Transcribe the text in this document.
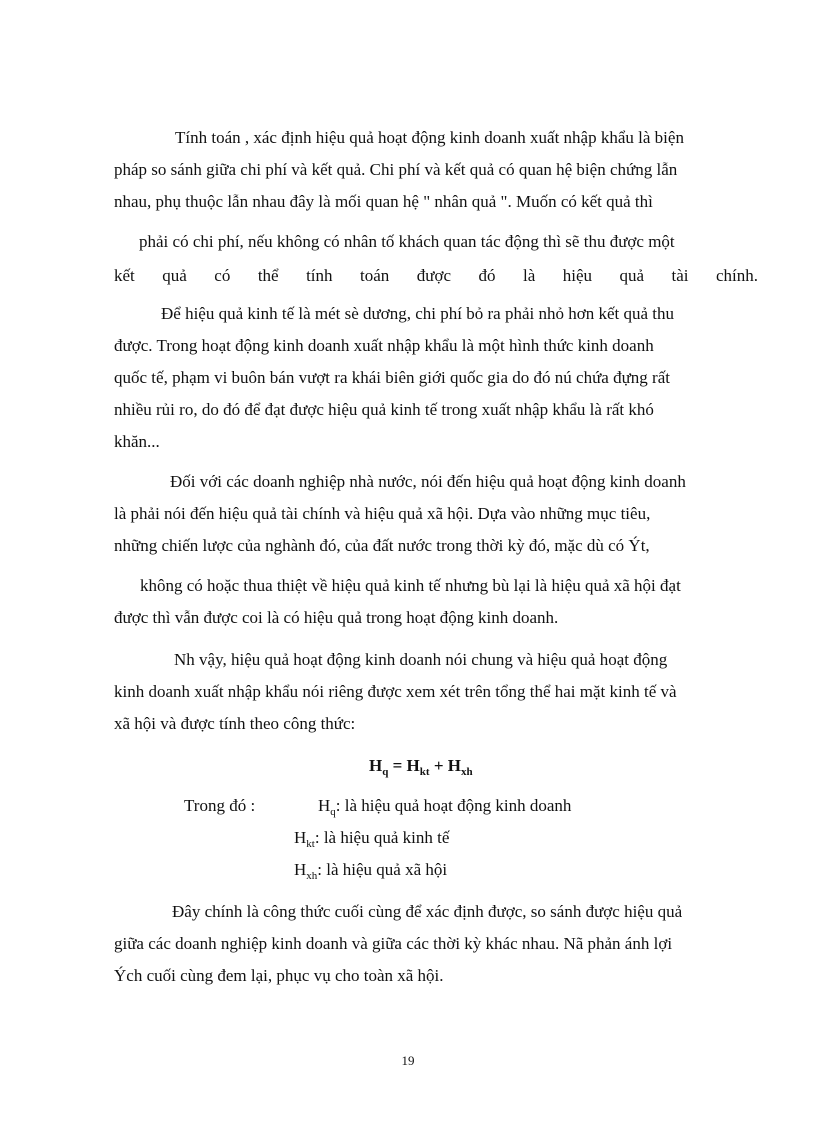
Tính toán , xác định hiệu quả hoạt động kinh doanh xuất nhập khẩu là biện
pháp so sánh giữa chi phí và kết quả. Chi phí và kết quả có quan hệ biện chứng lẫn
nhau, phụ thuộc lẫn nhau đây là mối quan hệ " nhân quả ". Muốn có kết quả thì
phải có chi phí, nếu không có nhân tố khách quan tác động thì sẽ thu được một
kết quả có thể tính toán được đó là hiệu quả tài chính.
Để hiệu quả kinh tế là mét sè dương, chi phí bỏ ra phải nhỏ hơn kết quả thu
được. Trong hoạt động kinh doanh xuất nhập khẩu là một hình thức kinh doanh
quốc tế, phạm vi buôn bán vượt ra khái biên giới quốc gia do đó nú chứa đựng rất
nhiều rủi ro, do đó để đạt được hiệu quả kinh tế trong xuất nhập khẩu là rất khó
khăn...
Đối với các doanh nghiệp nhà nước, nói đến hiệu quả hoạt động kinh doanh
là phải nói đến hiệu quả tài chính và hiệu quả xã hội. Dựa vào những mục tiêu,
những chiến lược của nghành đó, của đất nước trong thời kỳ đó, mặc dù có Ýt,
không có hoặc thua thiệt về hiệu quả kinh tế nhưng bù lại là hiệu quả xã hội đạt
được thì vẫn được coi là có hiệu quả trong hoạt động kinh doanh.
Nh vậy, hiệu quả hoạt động kinh doanh nói chung và hiệu quả hoạt động
kinh doanh xuất nhập khẩu nói riêng được xem xét trên tổng thể hai mặt kinh tế và
xã hội và được tính theo công thức:
$H_q = H_{kt} + H_{xh}$
Trong đó :	$H_q$: là hiệu quả hoạt động kinh doanh
$H_{kt}$: là hiệu quả kinh tế
$H_{xh}$: là hiệu quả xã hội
Đây chính là công thức cuối cùng để xác định được, so sánh được hiệu quả
giữa các doanh nghiệp kinh doanh và giữa các thời kỳ khác nhau. Nã phản ánh lợi
Ých cuối cùng đem lại, phục vụ cho toàn xã hội.
19
